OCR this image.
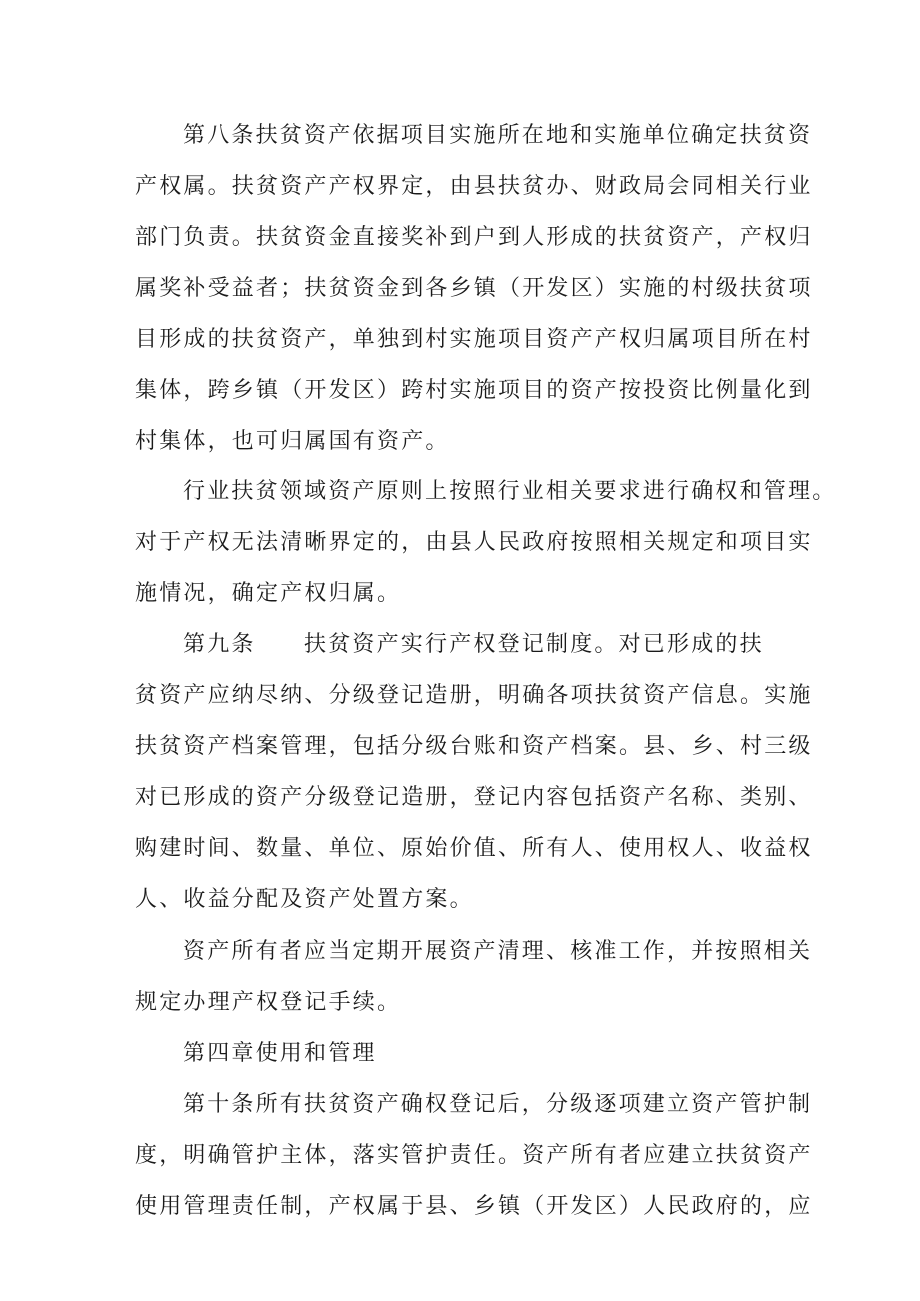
第八条扶贫资产依据项目实施所在地和实施单位确定扶贫资
产权属。扶贫资产产权界定，由县扶贫办、财政局会同相关行业
部门负责。扶贫资金直接奖补到户到人形成的扶贫资产，产权归
属奖补受益者；扶贫资金到各乡镇（开发区）实施的村级扶贫项
目形成的扶贫资产，单独到村实施项目资产产权归属项目所在村
集体，跨乡镇（开发区）跨村实施项目的资产按投资比例量化到
村集体，也可归属国有资产。
行业扶贫领域资产原则上按照行业相关要求进行确权和管理。
对于产权无法清晰界定的，由县人民政府按照相关规定和项目实
施情况，确定产权归属。
第九条　　扶贫资产实行产权登记制度。对已形成的扶
贫资产应纳尽纳、分级登记造册，明确各项扶贫资产信息。实施
扶贫资产档案管理，包括分级台账和资产档案。县、乡、村三级
对已形成的资产分级登记造册，登记内容包括资产名称、类别、
购建时间、数量、单位、原始价值、所有人、使用权人、收益权
人、收益分配及资产处置方案。
资产所有者应当定期开展资产清理、核准工作，并按照相关
规定办理产权登记手续。
第四章使用和管理
第十条所有扶贫资产确权登记后，分级逐项建立资产管护制
度，明确管护主体，落实管护责任。资产所有者应建立扶贫资产
使用管理责任制，产权属于县、乡镇（开发区）人民政府的，应
